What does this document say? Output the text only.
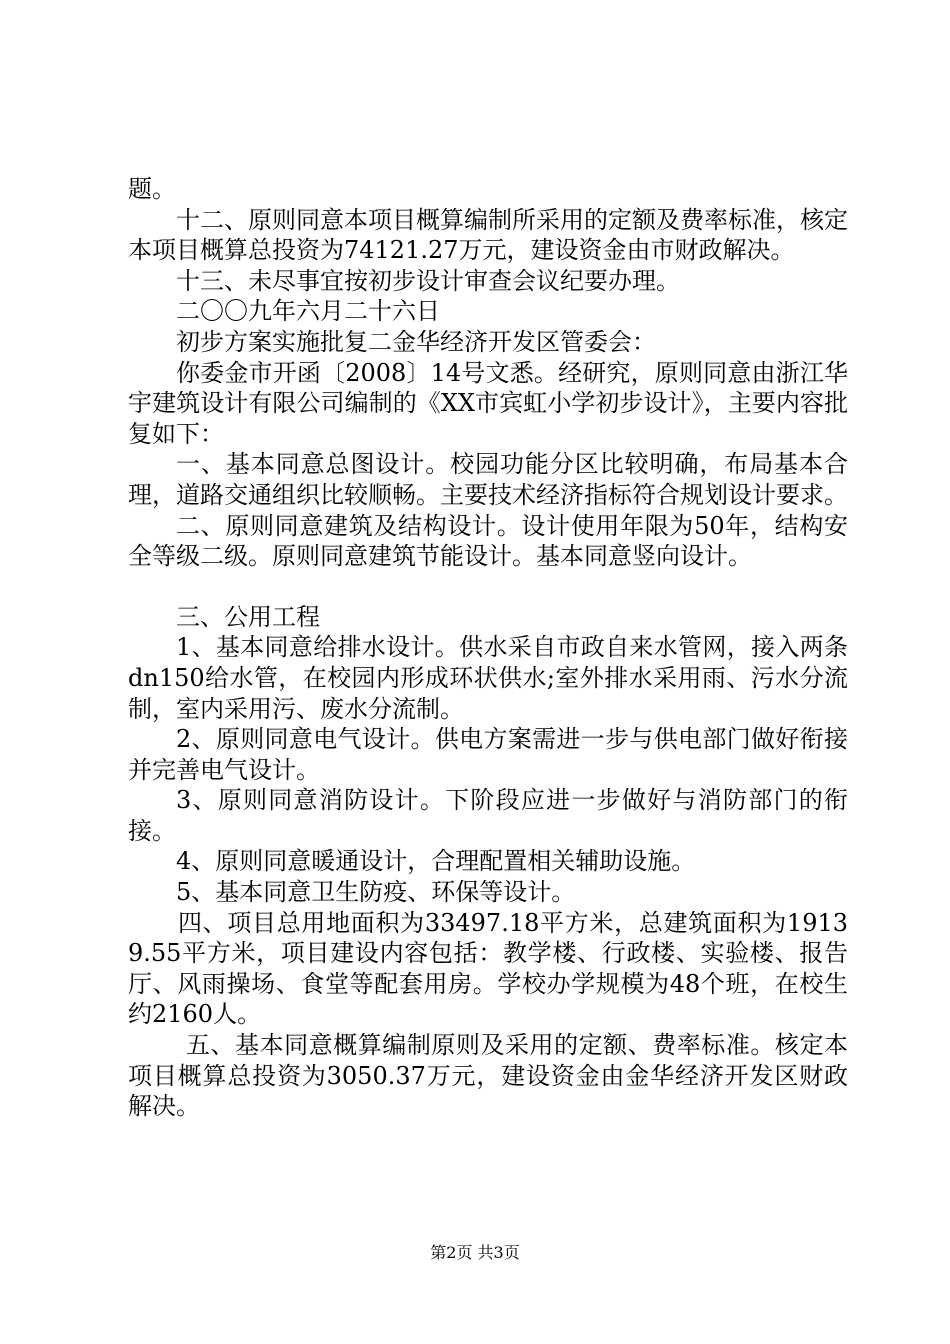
题。

十二、原则同意本项目概算编制所采用的定额及费率标准，核定本项目概算总投资为74121.27万元，建设资金由市财政解决。

十三、未尽事宜按初步设计审查会议纪要办理。

二〇〇九年六月二十六日

初步方案实施批复二金华经济开发区管委会：

你委金市开函〔2008〕14号文悉。经研究，原则同意由浙江华宇建筑设计有限公司编制的《XX市宾虹小学初步设计》，主要内容批复如下：

一、基本同意总图设计。校园功能分区比较明确，布局基本合理，道路交通组织比较顺畅。主要技术经济指标符合规划设计要求。

二、原则同意建筑及结构设计。设计使用年限为50年，结构安全等级二级。原则同意建筑节能设计。基本同意竖向设计。

三、公用工程

1、基本同意给排水设计。供水采自市政自来水管网，接入两条dn150给水管，在校园内形成环状供水;室外排水采用雨、污水分流制，室内采用污、废水分流制。

2、原则同意电气设计。供电方案需进一步与供电部门做好衔接并完善电气设计。

3、原则同意消防设计。下阶段应进一步做好与消防部门的衔接。

4、原则同意暖通设计，合理配置相关辅助设施。

5、基本同意卫生防疫、环保等设计。

四、项目总用地面积为33497.18平方米，总建筑面积为19139.55平方米，项目建设内容包括：教学楼、行政楼、实验楼、报告厅、风雨操场、食堂等配套用房。学校办学规模为48个班，在校生约2160人。

五、基本同意概算编制原则及采用的定额、费率标准。核定本项目概算总投资为3050.37万元，建设资金由金华经济开发区财政解决。

第2页 共3页
